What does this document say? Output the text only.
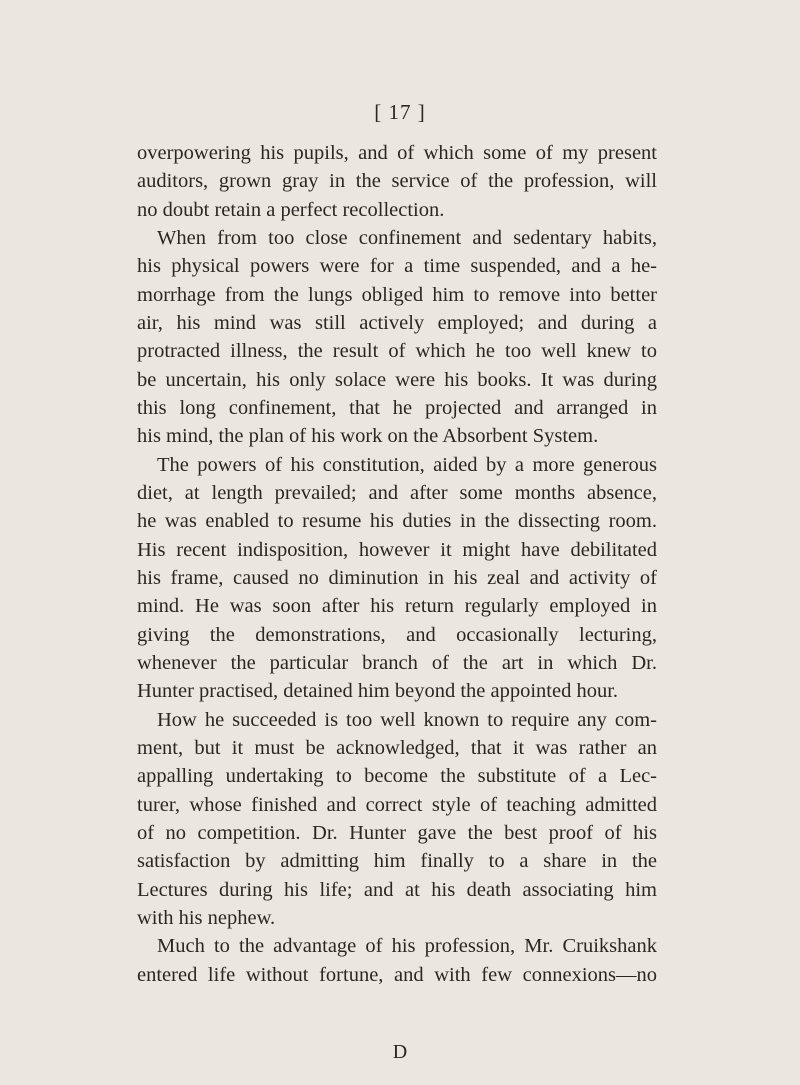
[ 17 ]
overpowering his pupils, and of which some of my present
auditors, grown gray in the service of the profession, will
no doubt retain a perfect recollection.
When from too close confinement and sedentary habits,
his physical powers were for a time suspended, and a he-
morrhage from the lungs obliged him to remove into better
air, his mind was still actively employed; and during a
protracted illness, the result of which he too well knew to
be uncertain, his only solace were his books. It was during
this long confinement, that he projected and arranged in
his mind, the plan of his work on the Absorbent System.
The powers of his constitution, aided by a more generous
diet, at length prevailed; and after some months absence,
he was enabled to resume his duties in the dissecting room.
His recent indisposition, however it might have debilitated
his frame, caused no diminution in his zeal and activity of
mind. He was soon after his return regularly employed in
giving the demonstrations, and occasionally lecturing,
whenever the particular branch of the art in which Dr.
Hunter practised, detained him beyond the appointed hour.
How he succeeded is too well known to require any com-
ment, but it must be acknowledged, that it was rather an
appalling undertaking to become the substitute of a Lec-
turer, whose finished and correct style of teaching admitted
of no competition. Dr. Hunter gave the best proof of his
satisfaction by admitting him finally to a share in the
Lectures during his life; and at his death associating him
with his nephew.
Much to the advantage of his profession, Mr. Cruikshank
entered life without fortune, and with few connexions—no
D
